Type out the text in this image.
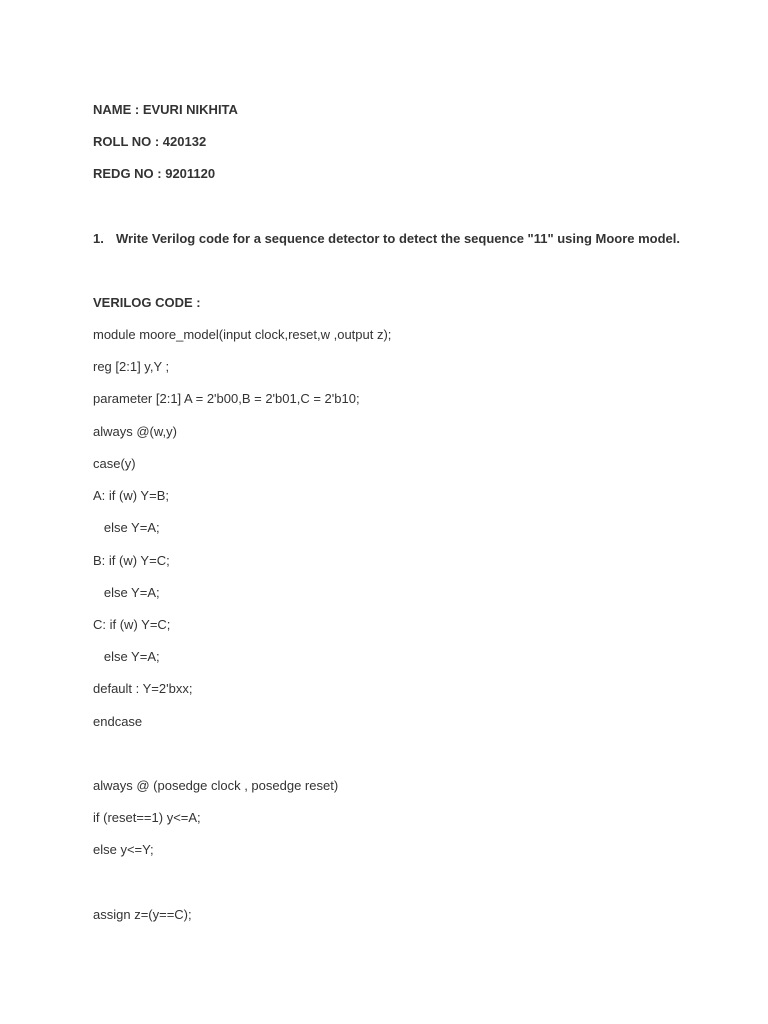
NAME : EVURI NIKHITA
ROLL NO : 420132
REDG NO : 9201120
1. Write Verilog code for a sequence detector to detect the sequence "11" using Moore model.
VERILOG CODE :
module moore_model(input clock,reset,w ,output z);
reg [2:1] y,Y ;
parameter [2:1] A = 2'b00,B = 2'b01,C = 2'b10;
always @(w,y)
case(y)
A: if (w) Y=B;
else Y=A;
B: if (w) Y=C;
else Y=A;
C: if (w) Y=C;
else Y=A;
default : Y=2'bxx;
endcase
always @ (posedge clock , posedge reset)
if (reset==1) y<=A;
else y<=Y;
assign z=(y==C);
